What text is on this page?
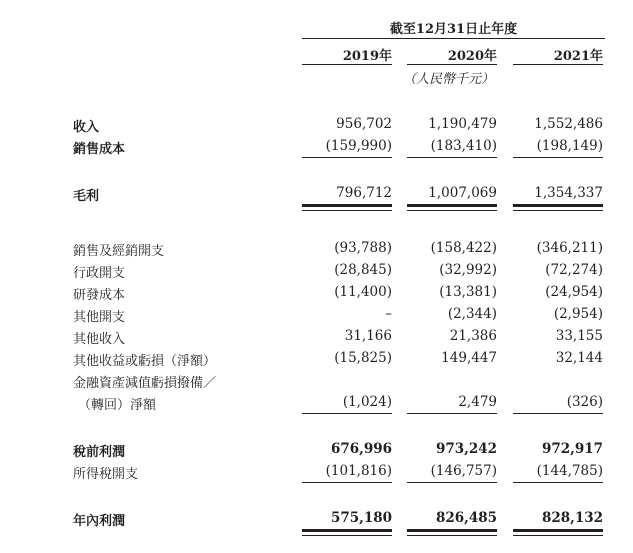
截至12月31日止年度
2019年	2020年	2021年
（人民幣千元）
收入	956,702	1,190,479	1,552,486
銷售成本	(159,990)	(183,410)	(198,149)
毛利	796,712	1,007,069	1,354,337
銷售及經銷開支	(93,788)	(158,422)	(346,211)
行政開支	(28,845)	(32,992)	(72,274)
研發成本	(11,400)	(13,381)	(24,954)
其他開支	–	(2,344)	(2,954)
其他收入	31,166	21,386	33,155
其他收益或虧損（淨額）	(15,825)	149,447	32,144
金融資產減值虧損撥備／
（轉回）淨額	(1,024)	2,479	(326)
稅前利潤	676,996	973,242	972,917
所得稅開支	(101,816)	(146,757)	(144,785)
年內利潤	575,180	826,485	828,132
